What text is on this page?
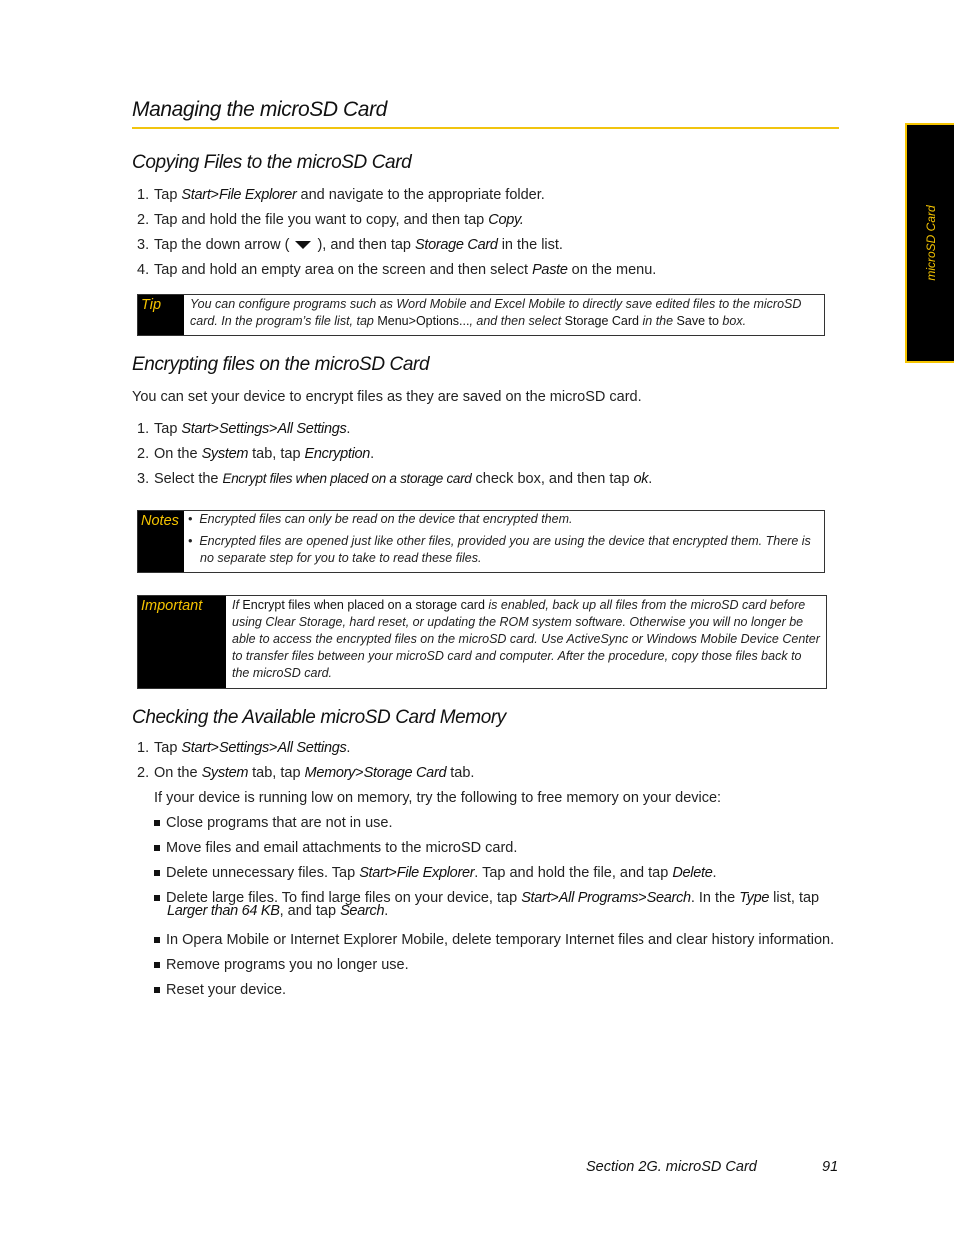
Managing the microSD Card
microSD Card
Copying Files to the microSD Card
1. Tap Start>File Explorer and navigate to the appropriate folder.
2. Tap and hold the file you want to copy, and then tap Copy.
3. Tap the down arrow (  ), and then tap Storage Card in the list.
4. Tap and hold an empty area on the screen and then select Paste on the menu.
Tip	You can configure programs such as Word Mobile and Excel Mobile to directly save edited files to the microSD
card. In the program’s file list, tap Menu>Options..., and then select Storage Card in the Save to box.
Encrypting files on the microSD Card
You can set your device to encrypt files as they are saved on the microSD card.
1. Tap Start>Settings>All Settings.
2. On the System tab, tap Encryption.
3. Select the Encrypt files when placed on a storage card check box, and then tap ok.
Notes •  Encrypted files can only be read on the device that encrypted them.
•  Encrypted files are opened just like other files, provided you are using the device that encrypted them. There is
no separate step for you to take to read these files.
Important	If Encrypt files when placed on a storage card is enabled, back up all files from the microSD card before
using Clear Storage, hard reset, or updating the ROM system software. Otherwise you will no longer be
able to access the encrypted files on the microSD card. Use ActiveSync or Windows Mobile Device Center
to transfer files between your microSD card and computer. After the procedure, copy those files back to
the microSD card.
Checking the Available microSD Card Memory
1. Tap Start>Settings>All Settings.
2. On the System tab, tap Memory>Storage Card tab.
If your device is running low on memory, try the following to free memory on your device:
Close programs that are not in use.
Move files and email attachments to the microSD card.
Delete unnecessary files. Tap Start>File Explorer. Tap and hold the file, and tap Delete.
Delete large files. To find large files on your device, tap Start>All Programs>Search. In the Type list, tap
Larger than 64 KB, and tap Search.
In Opera Mobile or Internet Explorer Mobile, delete temporary Internet files and clear history information.
Remove programs you no longer use.
Reset your device.
Section 2G. microSD Card	91
